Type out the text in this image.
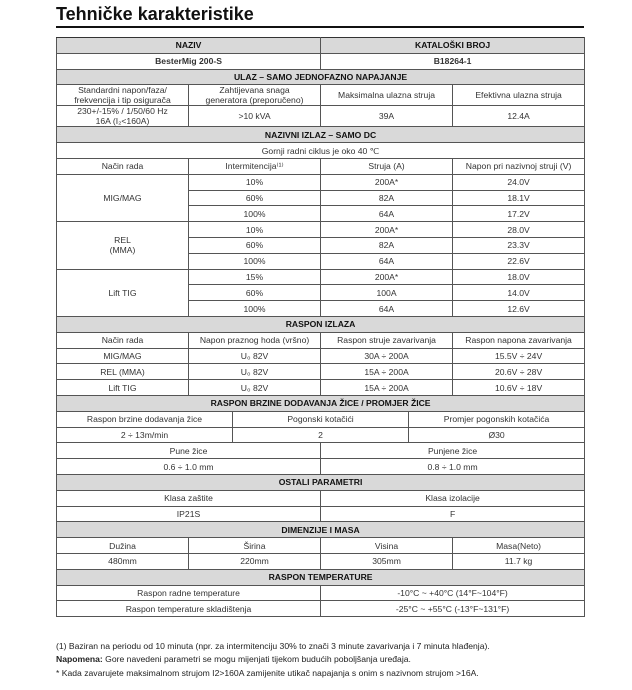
Tehničke karakteristike
NAZIV			KATALOŠKI BROJ		
BesterMig 200-S			B18264-1		
ULAZ – SAMO JEDNOFAZNO NAPAJANJE					
Standardni napon/faza/
frekvencija i tip osigurača	Zahtijevana snaga
generatora (preporučeno)		Maksimalna ulazna struja		Efektivna ulazna struja
230+/-15% / 1/50/60 Hz
16A (I₂<160A)	>10 kVA		39A		12.4A
NAZIVNI IZLAZ – SAMO DC					
Gornji radni ciklus je oko 40 ℃					
Način rada	Intermitencija⁽¹⁾		Struja (A)		Napon pri nazivnoj struji (V)
MIG/MAG	10%		200A*		24.0V
	60%		82A		18.1V
	100%		64A		17.2V
REL
(MMA)	10%		200A*		28.0V
	60%		82A		23.3V
	100%		64A		22.6V
Lift TIG	15%		200A*		18.0V
	60%		100A		14.0V
	100%		64A		12.6V
RASPON IZLAZA					
Način rada	Napon praznog hoda (vršno)		Raspon struje zavarivanja		Raspon napona zavarivanja
MIG/MAG	U₀ 82V		30A ÷ 200A		15.5V ÷ 24V
REL (MMA)	U₀ 82V		15A ÷ 200A		20.6V ÷ 28V
Lift TIG	U₀ 82V		15A ÷ 200A		10.6V ÷ 18V
RASPON BRZINE DODAVANJA ŽICE / PROMJER ŽICE					
Raspon brzine dodavanja žice		Pogonski kotačići		Promjer pogonskih kotačića	
2 ÷ 13m/min		2		Ø30	
Pune žice			Punjene žice		
0.6 ÷ 1.0 mm			0.8 ÷ 1.0 mm		
OSTALI PARAMETRI					
Klasa zaštite			Klasa izolacije		
IP21S			F		
DIMENZIJE I MASA					
Dužina	Širina		Visina		Masa(Neto)
480mm	220mm		305mm		11.7 kg
RASPON TEMPERATURE					
Raspon radne temperature			-10°C ~ +40°C (14°F~104°F)		
Raspon temperature skladištenja			-25°C ~ +55°C (-13°F~131°F)		
(1) Baziran na periodu od 10 minuta (npr. za intermitenciju 30% to znači 3 minute zavarivanja i 7 minuta hlađenja).
Napomena: Gore navedeni parametri se mogu mijenjati tijekom budućih poboljšanja uređaja.
* Kada zavarujete maksimalnom strujom I2>160A zamijenite utikač napajanja s onim s nazivnom strujom >16A.
